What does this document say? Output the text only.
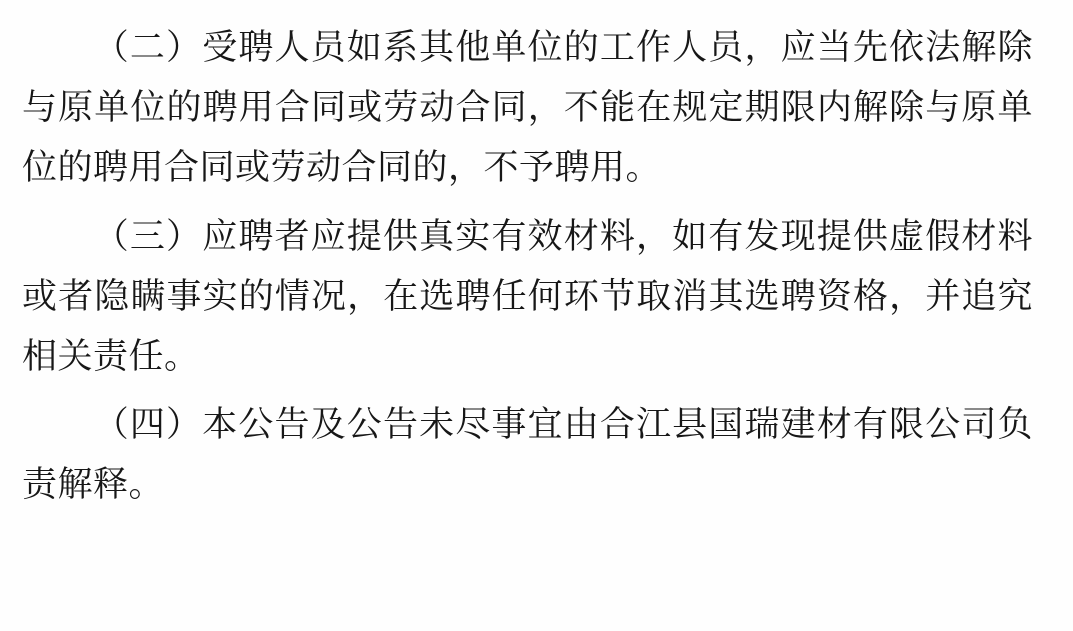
（二）受聘人员如系其他单位的工作人员，应当先依法解除与原单位的聘用合同或劳动合同，不能在规定期限内解除与原单位的聘用合同或劳动合同的，不予聘用。

（三）应聘者应提供真实有效材料，如有发现提供虚假材料或者隐瞒事实的情况，在选聘任何环节取消其选聘资格，并追究相关责任。

（四）本公告及公告未尽事宜由合江县国瑞建材有限公司负责解释。
